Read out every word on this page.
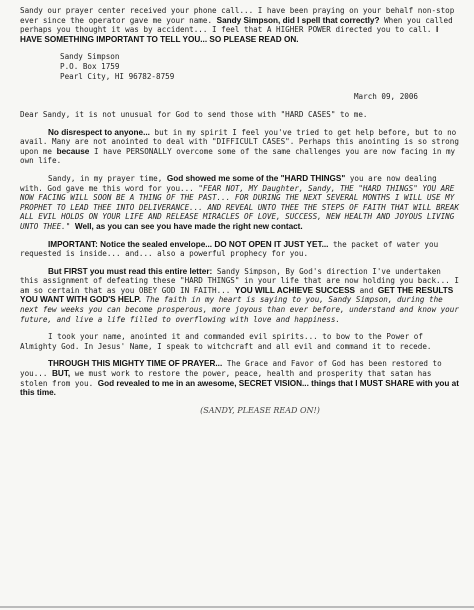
Sandy our prayer center received your phone call... I have been praying on your behalf non-stop ever since the operator gave me your name. Sandy Simpson, did I spell that correctly? When you called perhaps you thought it was by accident... I feel that A HIGHER POWER directed you to call. I HAVE SOMETHING IMPORTANT TO TELL YOU... SO PLEASE READ ON.

Sandy Simpson
P.O. Box 1759
Pearl City, HI 96782-8759
March 09, 2006

Dear Sandy, it is not unusual for God to send those with "HARD CASES" to me.

No disrespect to anyone... but in my spirit I feel you've tried to get help before, but to no avail. Many are not anointed to deal with "DIFFICULT CASES". Perhaps this anointing is so strong upon me because I have PERSONALLY overcome some of the same challenges you are now facing in my own life.

Sandy, in my prayer time, God showed me some of the "HARD THINGS" you are now dealing with. God gave me this word for you... "FEAR NOT, MY Daughter, Sandy, THE "HARD THINGS" YOU ARE NOW FACING WILL SOON BE A THING OF THE PAST... FOR DURING THE NEXT SEVERAL MONTHS I WILL USE MY PROPHET TO LEAD THEE INTO DELIVERANCE... AND REVEAL UNTO THEE THE STEPS OF FAITH THAT WILL BREAK ALL EVIL HOLDS ON YOUR LIFE AND RELEASE MIRACLES OF LOVE, SUCCESS, NEW HEALTH AND JOYOUS LIVING UNTO THEE." Well, as you can see you have made the right new contact.

IMPORTANT: Notice the sealed envelope... DO NOT OPEN IT JUST YET... the packet of water you requested is inside... and... also a powerful prophecy for you.

But FIRST you must read this entire letter: Sandy Simpson, By God's direction I've undertaken this assignment of defeating these "HARD THINGS" in your life that are now holding you back... I am so certain that as you OBEY GOD IN FAITH... YOU WILL ACHIEVE SUCCESS and GET THE RESULTS YOU WANT WITH GOD'S HELP. The faith in my heart is saying to you, Sandy Simpson, during the next few weeks you can become prosperous, more joyous than ever before, understand and know your future, and live a life filled to overflowing with love and happiness.

I took your name, anointed it and commanded evil spirits... to bow to the Power of Almighty God. In Jesus' Name, I speak to witchcraft and all evil and command it to recede.

THROUGH THIS MIGHTY TIME OF PRAYER... The Grace and Favor of God has been restored to you... BUT, we must work to restore the power, peace, health and prosperity that satan has stolen from you. God revealed to me in an awesome, SECRET VISION... things that I MUST SHARE with you at this time.

(SANDY, PLEASE READ ON!)
